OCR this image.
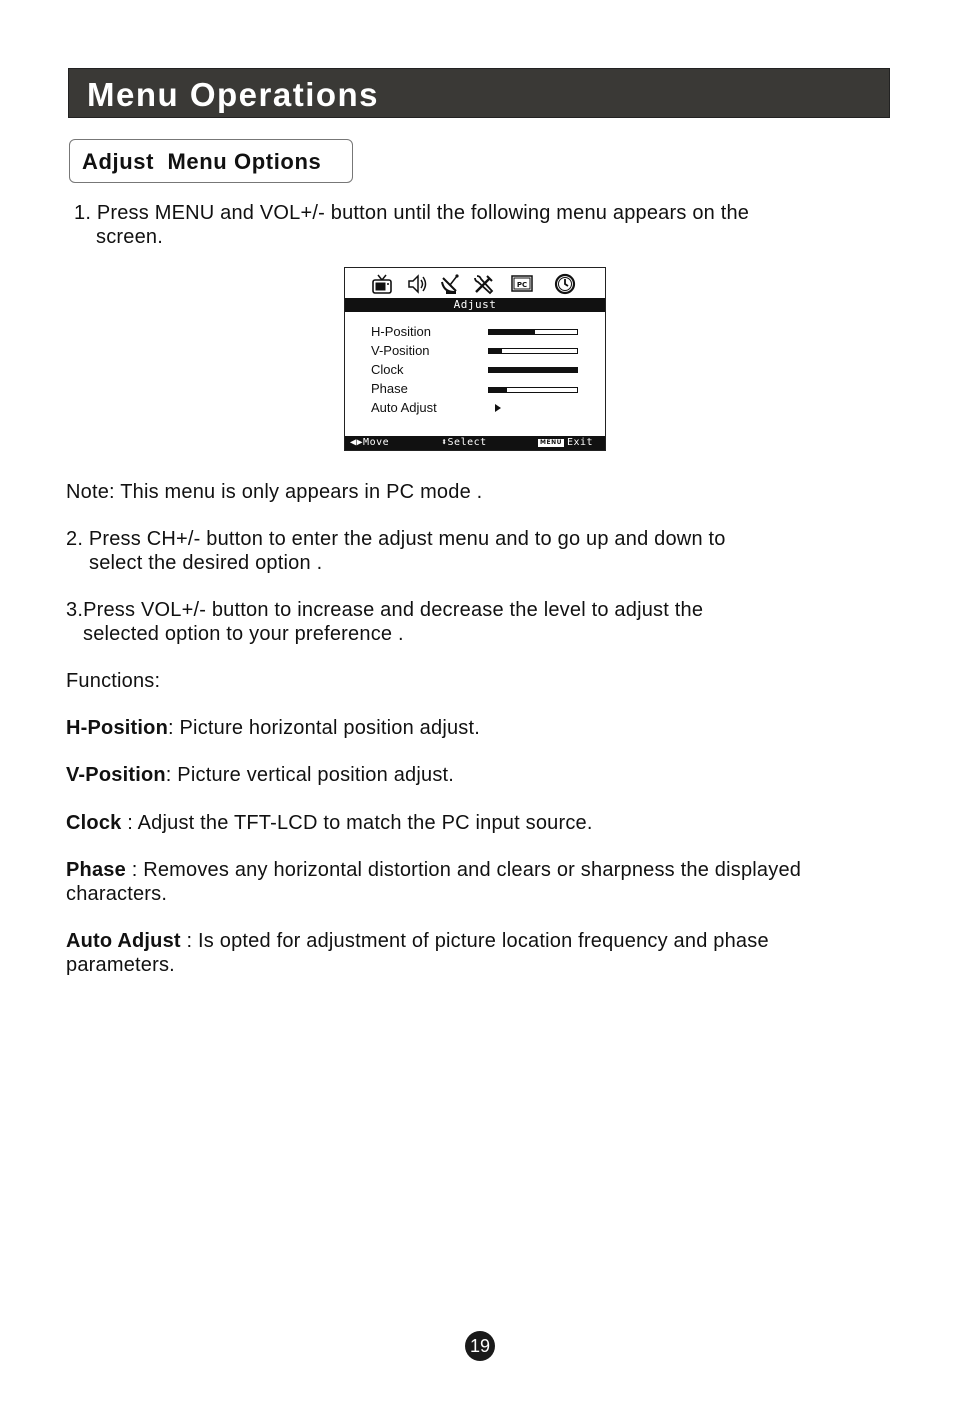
Menu Operations
Adjust  Menu Options
1. Press MENU and VOL+/- button until the following menu appears on the
screen.
PC
Adjust
H-Position
V-Position
Clock
Phase
Auto Adjust
◀▶Move	⬍Select	MENU Exit
Note: This menu is only appears in PC mode .
2. Press CH+/- button to enter the adjust menu and to go up and down to
select the desired option .
3.Press VOL+/- button to increase and decrease the level to adjust the
selected option to your preference .
Functions:
H-Position: Picture horizontal position adjust.
V-Position: Picture vertical position adjust.
Clock : Adjust the TFT-LCD to match the PC input source.
Phase : Removes any horizontal distortion and clears or sharpness the displayed
characters.
Auto Adjust : Is opted for adjustment of picture location frequency and phase
parameters.
19
